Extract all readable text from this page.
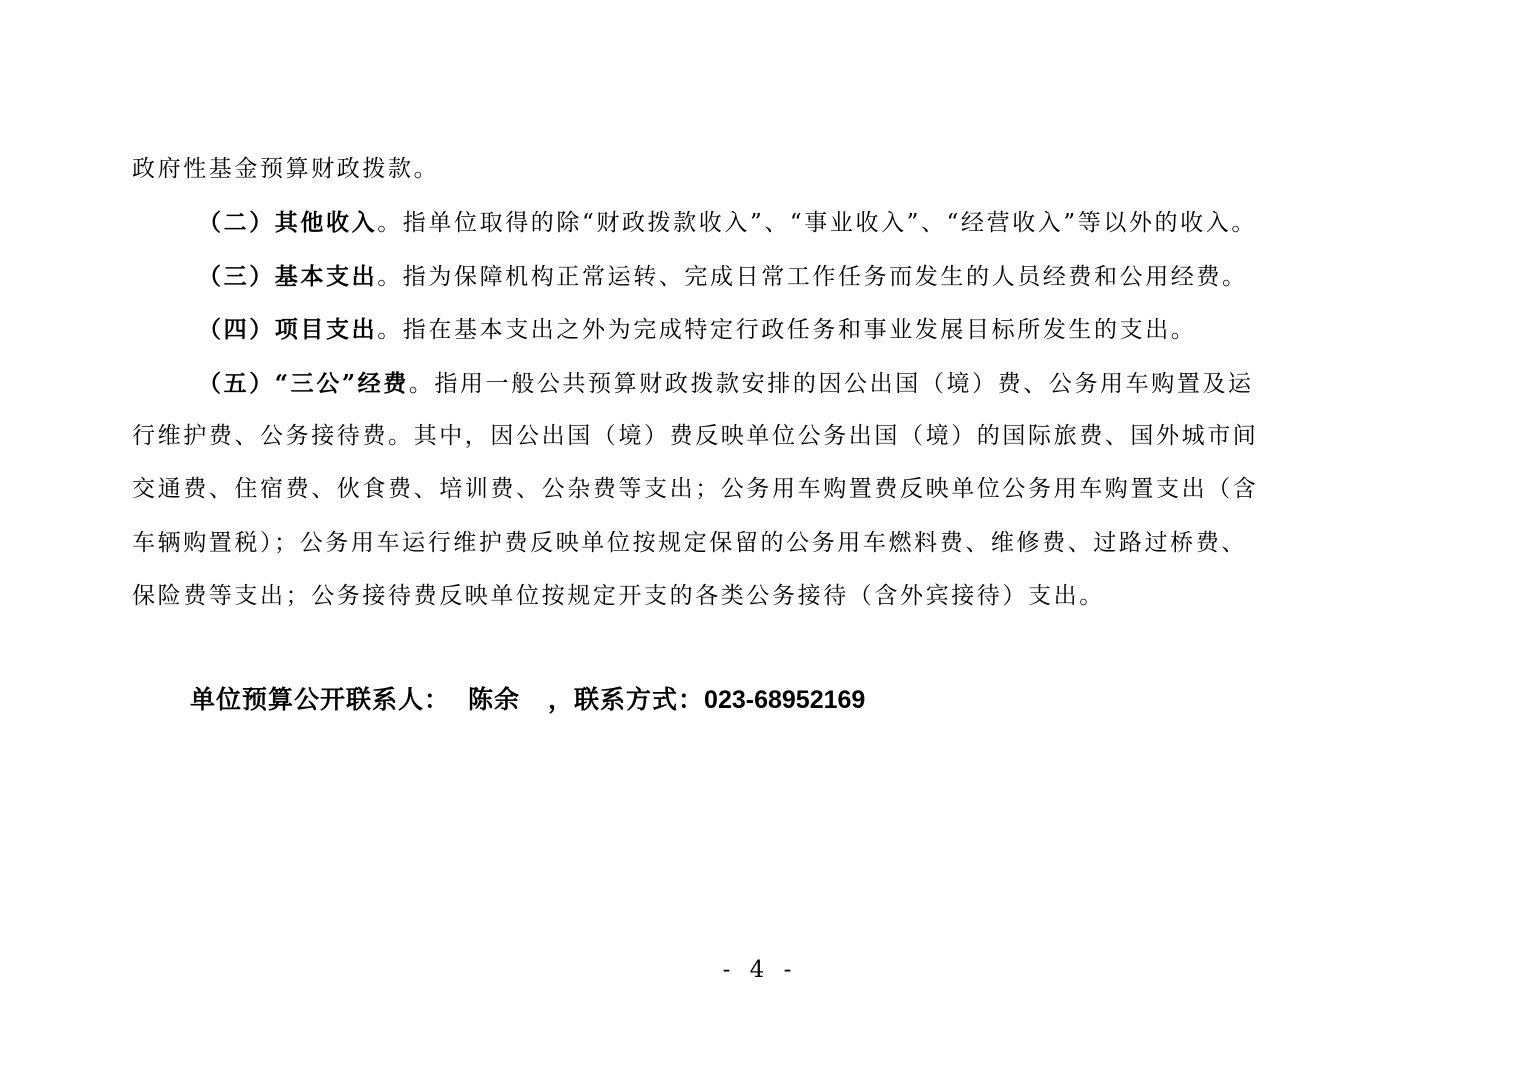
政府性基金预算财政拨款。
（二）其他收入。指单位取得的除“财政拨款收入”、“事业收入”、“经营收入”等以外的收入。
（三）基本支出。指为保障机构正常运转、完成日常工作任务而发生的人员经费和公用经费。
（四）项目支出。指在基本支出之外为完成特定行政任务和事业发展目标所发生的支出。
（五）“三公”经费。指用一般公共预算财政拨款安排的因公出国（境）费、公务用车购置及运
行维护费、公务接待费。其中，因公出国（境）费反映单位公务出国（境）的国际旅费、国外城市间
交通费、住宿费、伙食费、培训费、公杂费等支出；公务用车购置费反映单位公务用车购置支出（含
车辆购置税）；公务用车运行维护费反映单位按规定保留的公务用车燃料费、维修费、过路过桥费、
保险费等支出；公务接待费反映单位按规定开支的各类公务接待（含外宾接待）支出。
单位预算公开联系人： 陈余 ，联系方式：023-68952169
- 4 -
